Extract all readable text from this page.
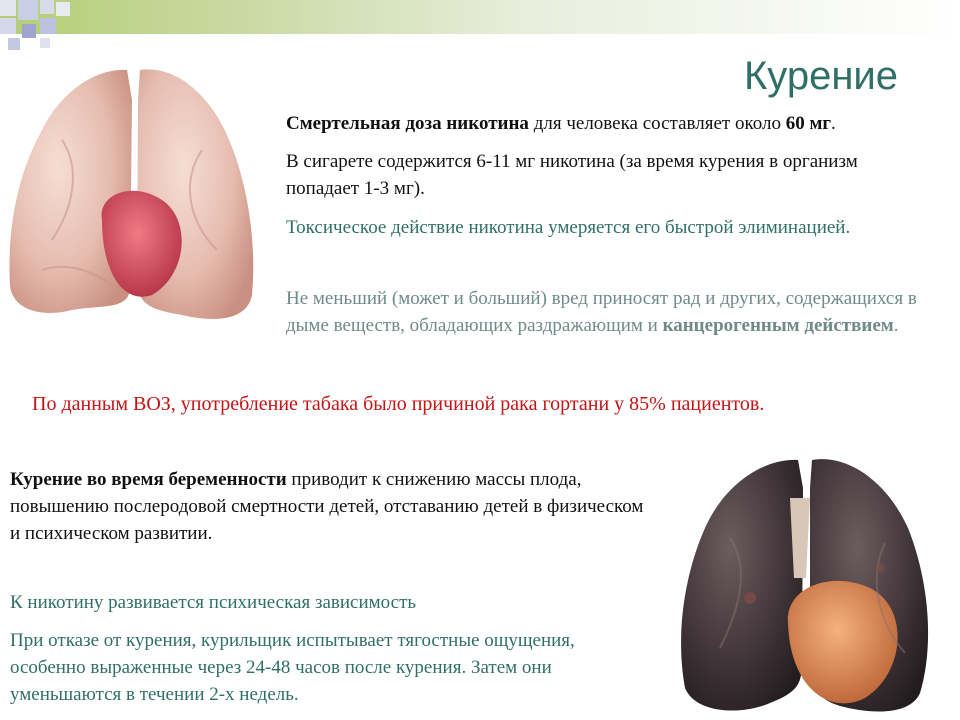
Курение

Смертельная доза никотина для человека составляет около 60 мг.

В сигарете содержится 6-11 мг никотина (за время курения в организм попадает 1-3 мг).

Токсическое действие никотина умеряется его быстрой элиминацией.

Не меньший (может и больший) вред приносят рад и других, содержащихся в дыме веществ, обладающих раздражающим и канцерогенным действием.

По данным ВОЗ, употребление табака было причиной рака гортани у 85% пациентов.

Курение во время беременности приводит к снижению массы плода, повышению послеродовой смертности детей, отставанию детей в физическом и психическом развитии.

К никотину развивается психическая зависимость

При отказе от курения, курильщик испытывает тягостные ощущения, особенно выраженные через 24-48 часов после курения. Затем они уменьшаются в течении 2-х недель.
